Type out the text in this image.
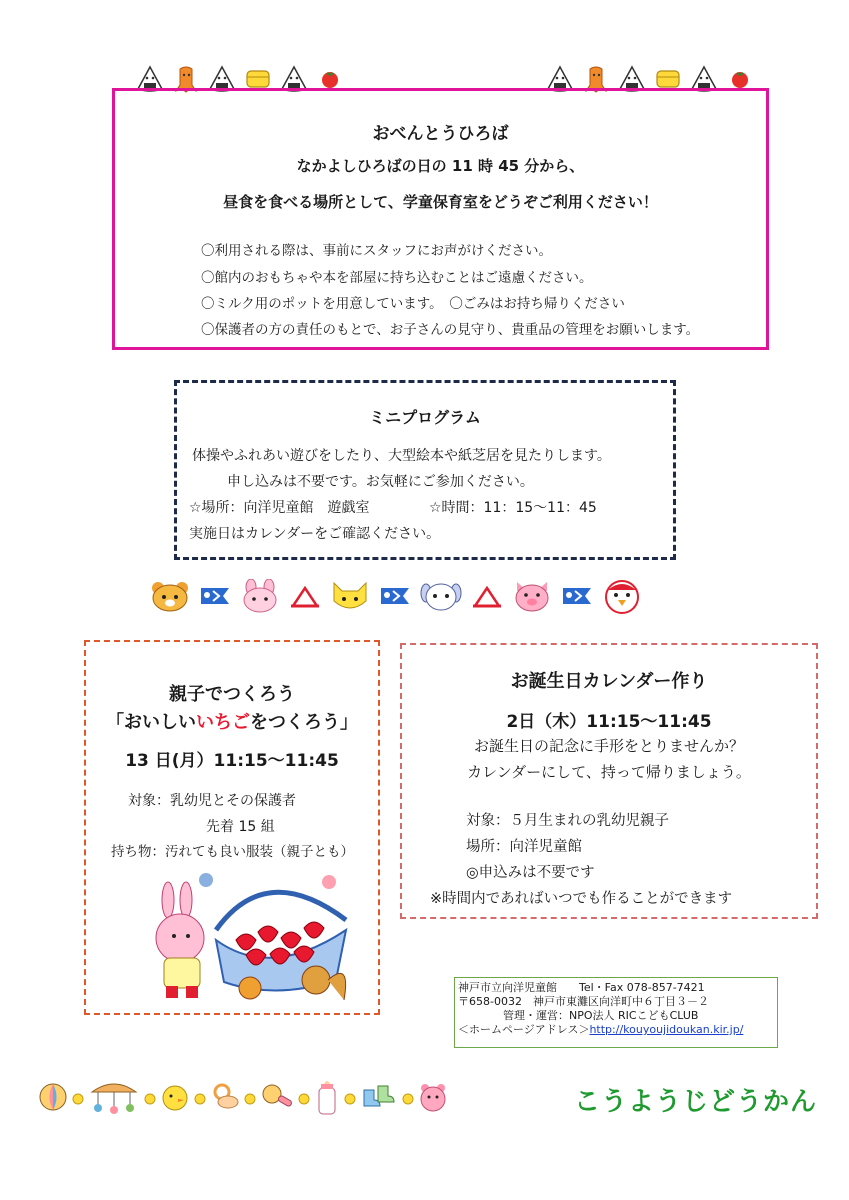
おべんとうひろば
なかよしひろばの日の 11 時 45 分から、
昼食を食べる場所として、学童保育室をどうぞご利用ください！
〇利用される際は、事前にスタッフにお声がけください。
〇館内のおもちゃや本を部屋に持ち込むことはご遠慮ください。
〇ミルク用のポットを用意しています。　〇ごみはお持ち帰りください
〇保護者の方の責任のもとで、お子さんの見守り、貴重品の管理をお願いします。
ミニプログラム
体操やふれあい遊びをしたり、大型絵本や紙芝居を見たりします。
申し込みは不要です。お気軽にご参加ください。
☆場所：向洋児童館　遊戯室	☆時間：11：15〜11：45
実施日はカレンダーをご確認ください。
親子でつくろう
「おいしいいちごをつくろう」
13 日(月）11:15〜11:45
対象：乳幼児とその保護者
先着 15 組
持ち物：汚れても良い服装（親子とも）
お誕生日カレンダー作り
2日（木）11:15〜11:45
お誕生日の記念に手形をとりませんか？
カレンダーにして、持って帰りましょう。
対象：５月生まれの乳幼児親子
場所：向洋児童館
◎申込みは不要です
※時間内であればいつでも作ることができます
神戸市立向洋児童館　　Tel・Fax 078-857-7421
〒658-0032　神戸市東灘区向洋町中６丁目３－２
管理・運営：NPO法人 RICこどもCLUB
＜ホームページアドレス＞http://kouyoujidoukan.kir.jp/
こうようじどうかん
